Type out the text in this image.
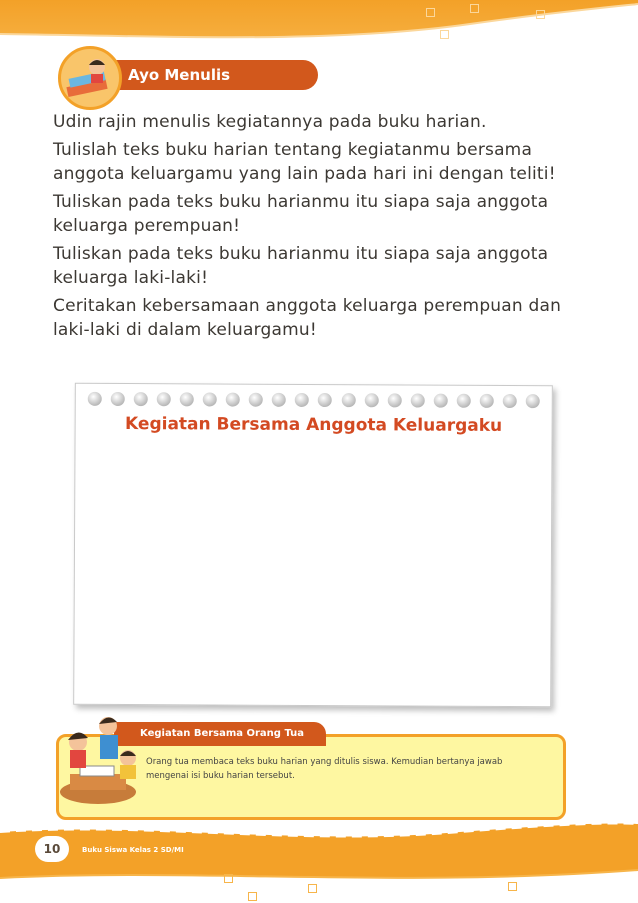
Ayo Menulis

Udin rajin menulis kegiatannya pada buku harian.

Tulislah teks buku harian tentang kegiatanmu bersama anggota keluargamu yang lain pada hari ini dengan teliti!

Tuliskan pada teks buku harianmu itu siapa saja anggota keluarga perempuan!

Tuliskan pada teks buku harianmu itu siapa saja anggota keluarga laki-laki!

Ceritakan kebersamaan anggota keluarga perempuan dan laki-laki di dalam keluargamu!

Kegiatan Bersama Anggota Keluargaku
Kegiatan Bersama Orang Tua
Orang tua membaca teks buku harian yang ditulis siswa. Kemudian bertanya jawab mengenai isi buku harian tersebut.
10	Buku Siswa Kelas 2 SD/MI
